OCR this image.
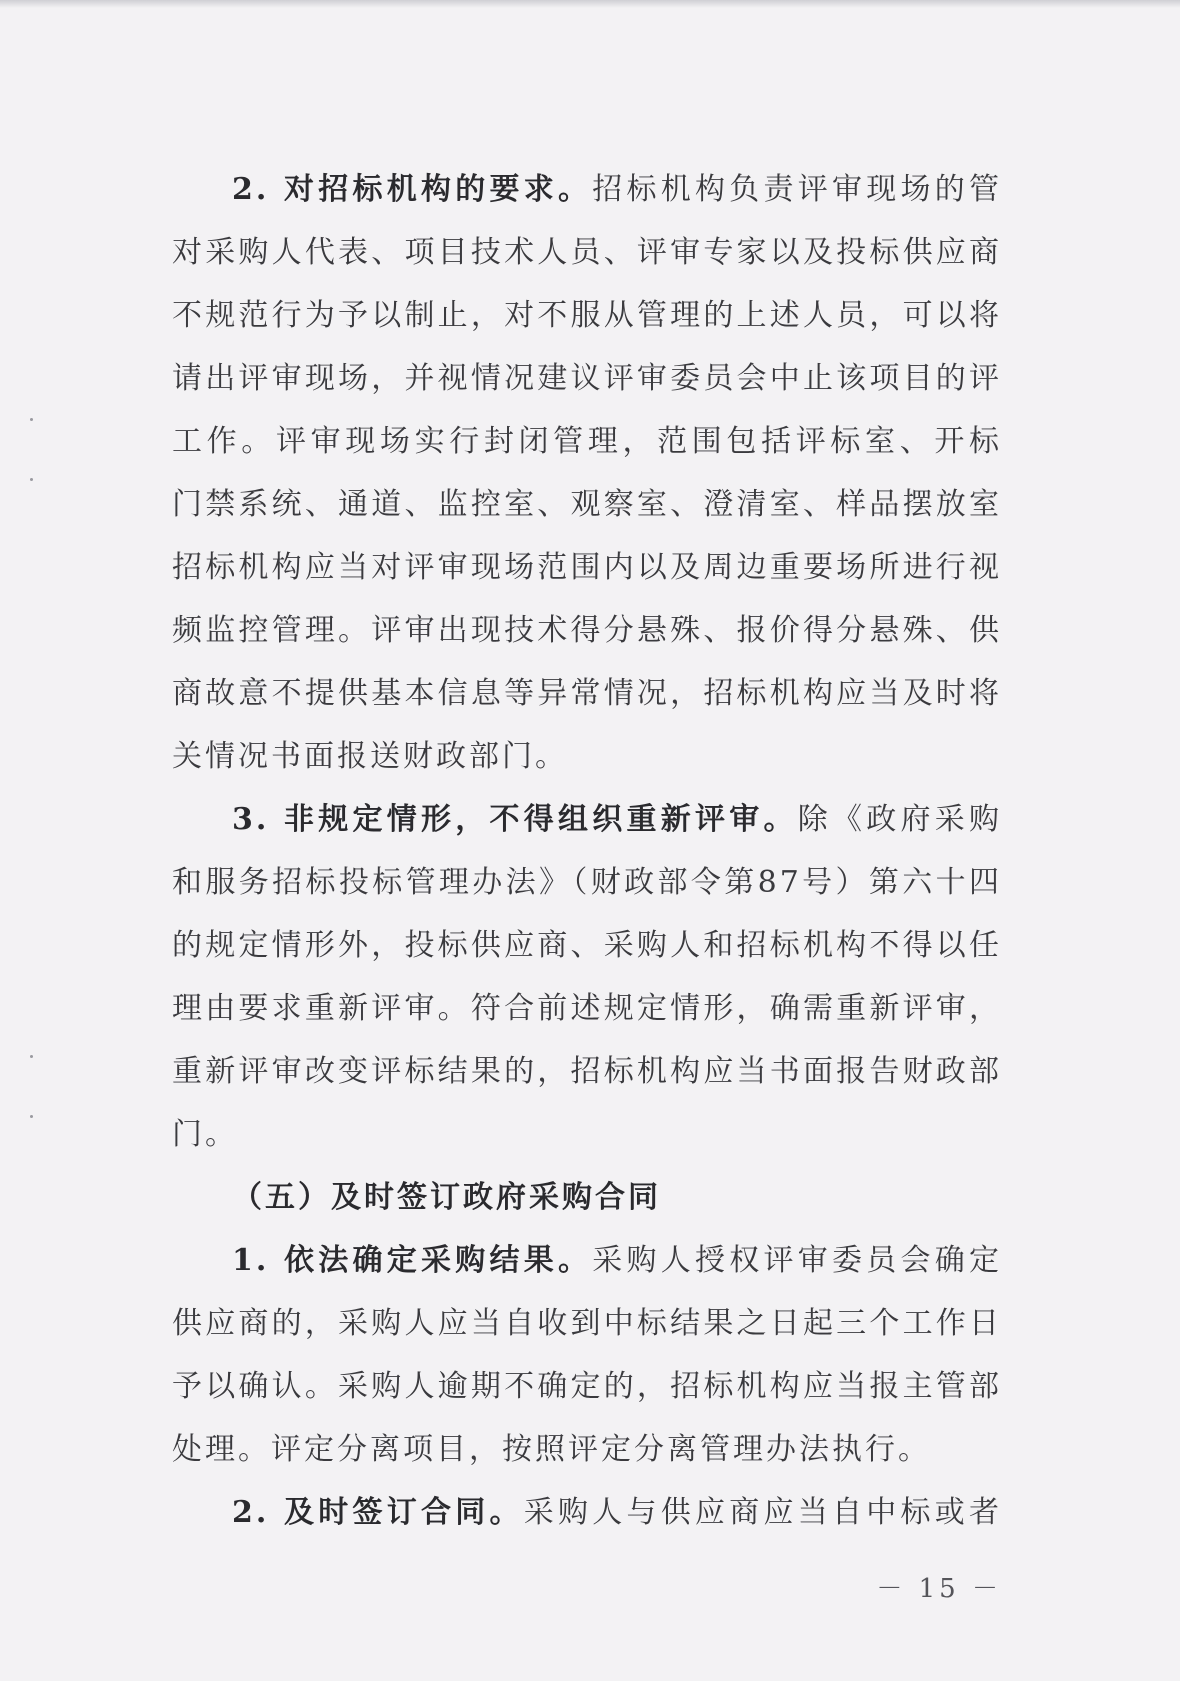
2. 对招标机构的要求。招标机构负责评审现场的管
对采购人代表、项目技术人员、评审专家以及投标供应商
不规范行为予以制止，对不服从管理的上述人员，可以将
请出评审现场，并视情况建议评审委员会中止该项目的评
工作。评审现场实行封闭管理，范围包括评标室、开标
门禁系统、通道、监控室、观察室、澄清室、样品摆放室
招标机构应当对评审现场范围内以及周边重要场所进行视
频监控管理。评审出现技术得分悬殊、报价得分悬殊、供
商故意不提供基本信息等异常情况，招标机构应当及时将
关情况书面报送财政部门。
3. 非规定情形，不得组织重新评审。除《政府采购
和服务招标投标管理办法》（财政部令第87号）第六十四
的规定情形外，投标供应商、采购人和招标机构不得以任
理由要求重新评审。符合前述规定情形，确需重新评审，
重新评审改变评标结果的，招标机构应当书面报告财政部
门。
（五）及时签订政府采购合同
1. 依法确定采购结果。采购人授权评审委员会确定
供应商的，采购人应当自收到中标结果之日起三个工作日
予以确认。采购人逾期不确定的，招标机构应当报主管部
处理。评定分离项目，按照评定分离管理办法执行。
2. 及时签订合同。采购人与供应商应当自中标或者
－ 15 －
